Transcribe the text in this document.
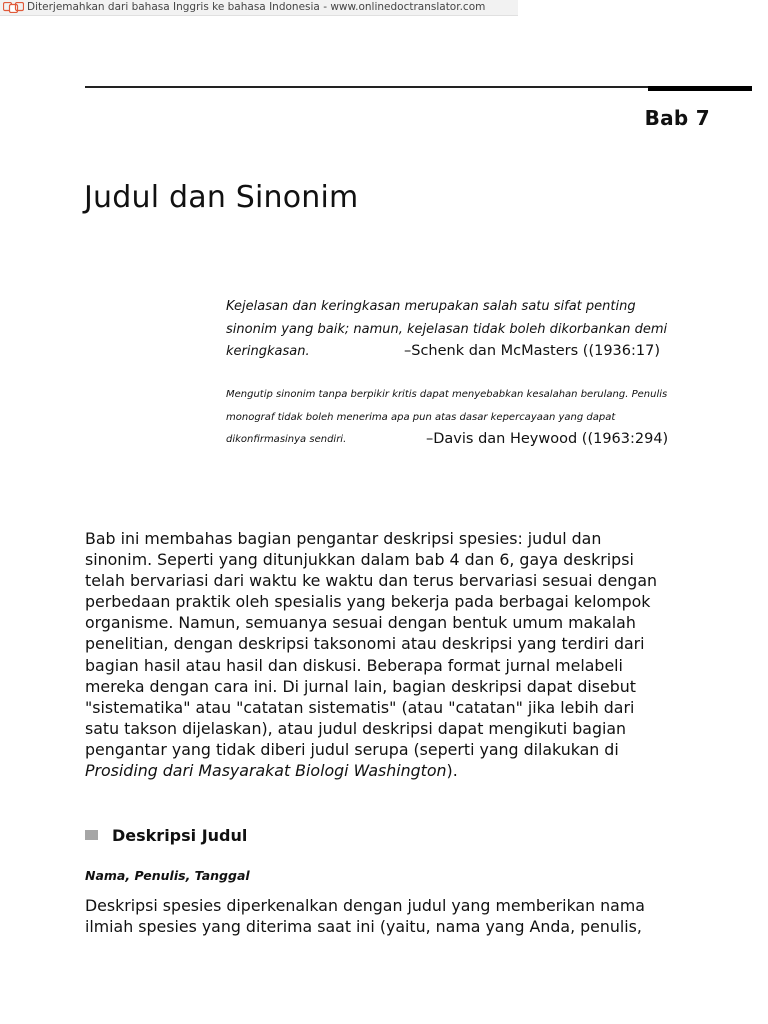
Diterjemahkan dari bahasa Inggris ke bahasa Indonesia - www.onlinedoctranslator.com
Bab 7
Judul dan Sinonim
Kejelasan dan keringkasan merupakan salah satu sifat penting
sinonim yang baik; namun, kejelasan tidak boleh dikorbankan demi
keringkasan.	–Schenk dan McMasters ((1936:17)
Mengutip sinonim tanpa berpikir kritis dapat menyebabkan kesalahan berulang. Penulis
monograf tidak boleh menerima apa pun atas dasar kepercayaan yang dapat
dikonfirmasinya sendiri.	–Davis dan Heywood ((1963:294)
Bab ini membahas bagian pengantar deskripsi spesies: judul dan
sinonim. Seperti yang ditunjukkan dalam bab 4 dan 6, gaya deskripsi
telah bervariasi dari waktu ke waktu dan terus bervariasi sesuai dengan
perbedaan praktik oleh spesialis yang bekerja pada berbagai kelompok
organisme. Namun, semuanya sesuai dengan bentuk umum makalah
penelitian, dengan deskripsi taksonomi atau deskripsi yang terdiri dari
bagian hasil atau hasil dan diskusi. Beberapa format jurnal melabeli
mereka dengan cara ini. Di jurnal lain, bagian deskripsi dapat disebut
"sistematika" atau "catatan sistematis" (atau "catatan" jika lebih dari
satu takson dijelaskan), atau judul deskripsi dapat mengikuti bagian
pengantar yang tidak diberi judul serupa (seperti yang dilakukan di
Prosiding dari Masyarakat Biologi Washington).
Deskripsi Judul
Nama, Penulis, Tanggal
Deskripsi spesies diperkenalkan dengan judul yang memberikan nama
ilmiah spesies yang diterima saat ini (yaitu, nama yang Anda, penulis,
